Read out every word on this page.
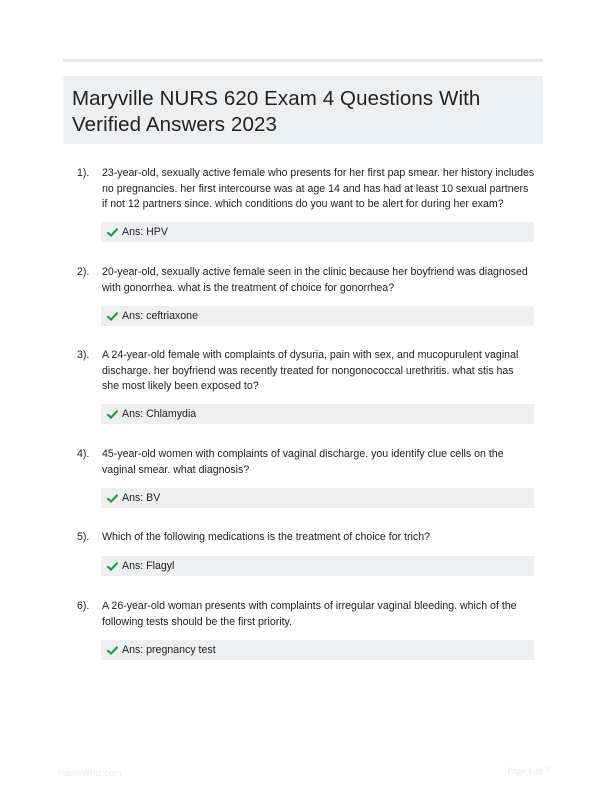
Maryville NURS 620 Exam 4 Questions With
Verified Answers 2023
1). 23-year-old, sexually active female who presents for her first pap smear. her history includes
no pregnancies. her first intercourse was at age 14 and has had at least 10 sexual partners
if not 12 partners since. which conditions do you want to be alert for during her exam?
Ans: HPV
2). 20-year-old, sexually active female seen in the clinic because her boyfriend was diagnosed
with gonorrhea. what is the treatment of choice for gonorrhea?
Ans: ceftriaxone
3). A 24-year-old female with complaints of dysuria, pain with sex, and mucopurulent vaginal
discharge. her boyfriend was recently treated for nongonococcal urethritis. what stis has
she most likely been exposed to?
Ans: Chlamydia
4). 45-year-old women with complaints of vaginal discharge. you identify clue cells on the
vaginal smear. what diagnosis?
Ans: BV
5). Which of the following medications is the treatment of choice for trich?
Ans: Flagyl
6). A 26-year-old woman presents with complaints of irregular vaginal bleeding. which of the
following tests should be the first priority.
Ans: pregnancy test
PaperWhiz.com	Page 1 of 7
